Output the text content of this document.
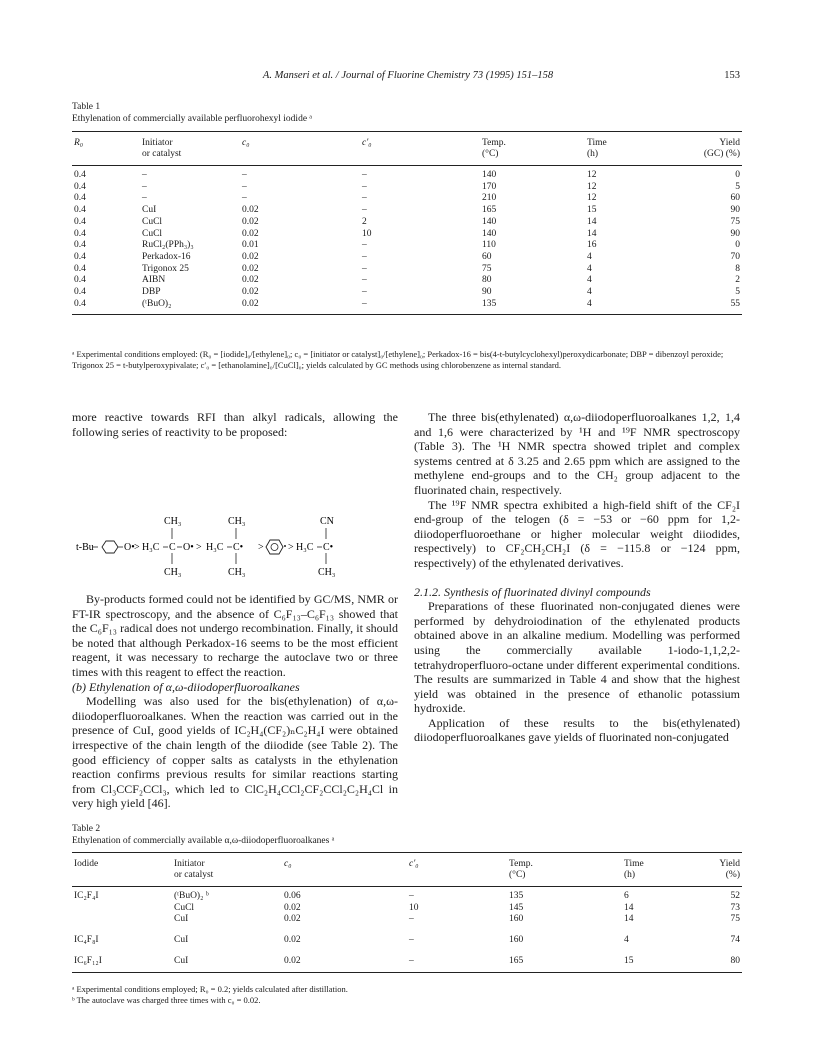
A. Manseri et al. / Journal of Fluorine Chemistry 73 (1995) 151–158	153
Table 1
Ethylenation of commercially available perfluorohexyl iodide ᵃ
R₀	Initiator	c₀	c′₀	Temp.	Time	Yield
	or catalyst			(°C)	(h)	(GC) (%)
0.4	–	–	–	140	12	0
0.4	–	–	–	170	12	5
0.4	–	–	–	210	12	60
0.4	CuI	0.02	–	165	15	90
0.4	CuCl	0.02	2	140	14	75
0.4	CuCl	0.02	10	140	14	90
0.4	RuCl₂(PPh₃)₃	0.01	–	110	16	0
0.4	Perkadox-16	0.02	–	60	4	70
0.4	Trigonox 25	0.02	–	75	4	8
0.4	AIBN	0.02	–	80	4	2
0.4	DBP	0.02	–	90	4	5
0.4	(ᵗBuO)₂	0.02	–	135	4	55
ᵃ Experimental conditions employed: (R₀ = [iodide]₀/[ethylene]₀; c₀ = [initiator or catalyst]₀/[ethylene]₀; Perkadox-16 = bis(4-t-butylcyclohexyl)peroxydicarbonate; DBP = dibenzoyl peroxide; Trigonox 25 = t-butylperoxypivalate; c′₀ = [ethanolamine]₀/[CuCl]₀; yields calculated by GC methods using chlorobenzene as internal standard.

more reactive towards RFI than alkyl radicals, allowing the following series of reactivity to be proposed:

t-Bu	O• > H₃C C
CH₃
CH₃
O• > H₃C C•
CH₃
CH₃
> > H₃C C•
CN
CH₃

By-products formed could not be identified by GC/MS, NMR or FT-IR spectroscopy, and the absence of C₆F₁₃–C₆F₁₃ showed that the C₆F₁₃ radical does not undergo recombination. Finally, it should be noted that although Perkadox-16 seems to be the most efficient reagent, it was necessary to recharge the autoclave two or three times with this reagent to effect the reaction.

(b) Ethylenation of α,ω-diiodoperfluoroalkanes

Modelling was also used for the bis(ethylenation) of α,ω-diiodoperfluoroalkanes. When the reaction was carried out in the presence of CuI, good yields of IC₂H₄(CF₂)ₙC₂H₄I were obtained irrespective of the chain length of the diiodide (see Table 2). The good efficiency of copper salts as catalysts in the ethylenation reaction confirms previous results for similar reactions starting from Cl₃CCF₂CCl₃, which led to ClC₂H₄CCl₂CF₂CCl₂C₂H₄Cl in very high yield [46].

The three bis(ethylenated) α,ω-diiodoperfluoroalkanes 1,2, 1,4 and 1,6 were characterized by ¹H and ¹⁹F NMR spectroscopy (Table 3). The ¹H NMR spectra showed triplet and complex systems centred at δ 3.25 and 2.65 ppm which are assigned to the methylene end-groups and to the CH₂ group adjacent to the fluorinated chain, respectively.

The ¹⁹F NMR spectra exhibited a high-field shift of the CF₂I end-group of the telogen (δ = −53 or −60 ppm for 1,2-diiodoperfluoroethane or higher molecular weight diiodides, respectively) to CF₂CH₂CH₂I (δ = −115.8 or −124 ppm, respectively) of the ethylenated derivatives.

2.1.2. Synthesis of fluorinated divinyl compounds

Preparations of these fluorinated non-conjugated dienes were performed by dehydroiodination of the ethylenated products obtained above in an alkaline medium. Modelling was performed using the commercially available 1-iodo-1,1,2,2-tetrahydroperfluoro-octane under different experimental conditions. The results are summarized in Table 4 and show that the highest yield was obtained in the presence of ethanolic potassium hydroxide.

Application of these results to the bis(ethylenated) diiodoperfluoroalkanes gave yields of fluorinated non-conjugated

Table 2
Ethylenation of commercially available α,ω-diiodoperfluoroalkanes ᵃ
Iodide	Initiator	c₀	c′₀	Temp.	Time	Yield
	or catalyst			(°C)	(h)	(%)
IC₂F₄I	(ᵗBuO)₂ ᵇ	0.06	–	135	6	52
	CuCl	0.02	10	145	14	73
	CuI	0.02	–	160	14	75
IC₄F₈I	CuI	0.02	–	160	4	74
IC₆F₁₂I	CuI	0.02	–	165	15	80
ᵃ Experimental conditions employed; R₀ = 0.2; yields calculated after distillation.
ᵇ The autoclave was charged three times with c₀ = 0.02.
